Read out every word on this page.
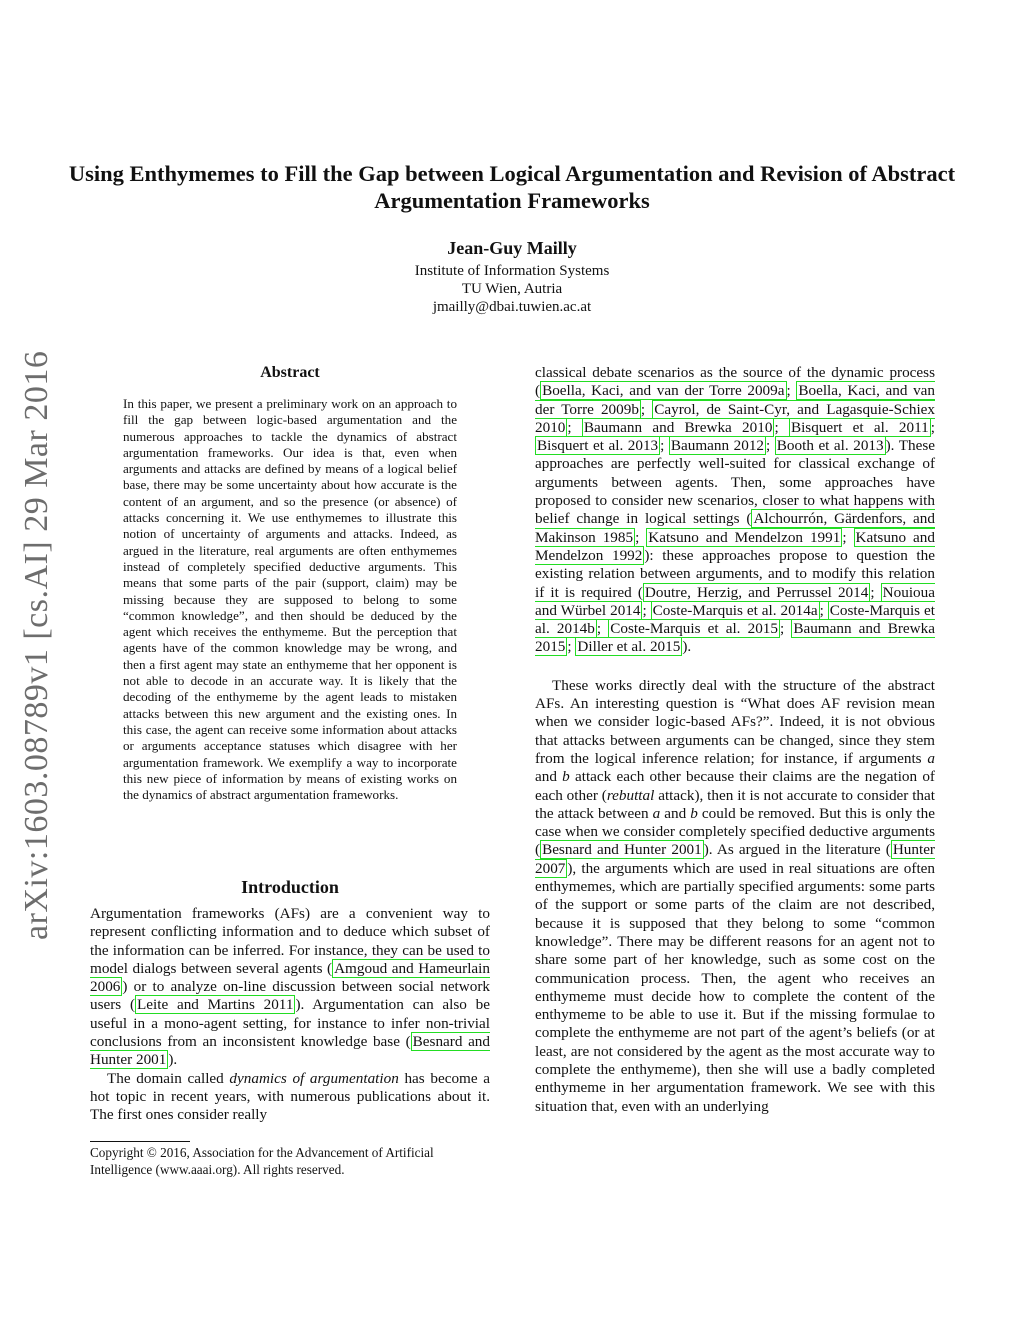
arXiv:1603.08789v1 [cs.AI] 29 Mar 2016
Using Enthymemes to Fill the Gap between Logical Argumentation and Revision of Abstract Argumentation Frameworks
Jean-Guy Mailly
Institute of Information Systems
TU Wien, Autria
jmailly@dbai.tuwien.ac.at
Abstract
In this paper, we present a preliminary work on an approach to fill the gap between logic-based argumentation and the numerous approaches to tackle the dynamics of abstract argumentation frameworks. Our idea is that, even when arguments and attacks are defined by means of a logical belief base, there may be some uncertainty about how accurate is the content of an argument, and so the presence (or absence) of attacks concerning it. We use enthymemes to illustrate this notion of uncertainty of arguments and attacks. Indeed, as argued in the literature, real arguments are often enthymemes instead of completely specified deductive arguments. This means that some parts of the pair (support, claim) may be missing because they are supposed to belong to some “common knowledge”, and then should be deduced by the agent which receives the enthymeme. But the perception that agents have of the common knowledge may be wrong, and then a first agent may state an enthymeme that her opponent is not able to decode in an accurate way. It is likely that the decoding of the enthymeme by the agent leads to mistaken attacks between this new argument and the existing ones. In this case, the agent can receive some information about attacks or arguments acceptance statuses which disagree with her argumentation framework. We exemplify a way to incorporate this new piece of information by means of existing works on the dynamics of abstract argumentation frameworks.
Introduction

Argumentation frameworks (AFs) are a convenient way to represent conflicting information and to deduce which subset of the information can be inferred. For instance, they can be used to model dialogs between several agents ( Amgoud and Hameurlain 2006 ) or to analyze on-line discussion between social network users ( Leite and Martins 2011 ). Argumentation can also be useful in a mono-agent setting, for instance to infer non-trivial conclusions from an inconsistent knowledge base ( Besnard and Hunter 2001 ).

The domain called dynamics of argumentation has become a hot topic in recent years, with numerous publications about it. The first ones consider really

Copyright © 2016, Association for the Advancement of Artificial Intelligence (www.aaai.org). All rights reserved.

classical debate scenarios as the source of the dynamic process ( Boella, Kaci, and van der Torre 2009a ; Boella, Kaci, and van der Torre 2009b ; Cayrol, de Saint-Cyr, and Lagasquie-Schiex 2010 ; Baumann and Brewka 2010 ; Bisquert et al. 2011 ; Bisquert et al. 2013 ; Baumann 2012 ; Booth et al. 2013 ). These approaches are perfectly well-suited for classical exchange of arguments between agents. Then, some approaches have proposed to consider new scenarios, closer to what happens with belief change in logical settings ( Alchourrón, Gärdenfors, and Makinson 1985 ; Katsuno and Mendelzon 1991 ; Katsuno and Mendelzon 1992 ): these approaches propose to question the existing relation between arguments, and to modify this relation if it is required ( Doutre, Herzig, and Perrussel 2014 ; Nouioua and Würbel 2014 ; Coste-Marquis et al. 2014a ; Coste-Marquis et al. 2014b ; Coste-Marquis et al. 2015 ; Baumann and Brewka 2015 ; Diller et al. 2015 ).

These works directly deal with the structure of the abstract AFs. An interesting question is “What does AF revision mean when we consider logic-based AFs?”. Indeed, it is not obvious that attacks between arguments can be changed, since they stem from the logical inference relation; for instance, if arguments a and b attack each other because their claims are the negation of each other (rebuttal attack), then it is not accurate to consider that the attack between a and b could be removed. But this is only the case when we consider completely specified deductive arguments ( Besnard and Hunter 2001 ). As argued in the literature ( Hunter 2007 ), the arguments which are used in real situations are often enthymemes, which are partially specified arguments: some parts of the support or some parts of the claim are not described, because it is supposed that they belong to some “common knowledge”. There may be different reasons for an agent not to share some part of her knowledge, such as some cost on the communication process. Then, the agent who receives an enthymeme must decide how to complete the content of the enthymeme to be able to use it. But if the missing formulae to complete the enthymeme are not part of the agent’s beliefs (or at least, are not considered by the agent as the most accurate way to complete the enthymeme), then she will use a badly completed enthymeme in her argumentation framework. We see with this situation that, even with an underlying
